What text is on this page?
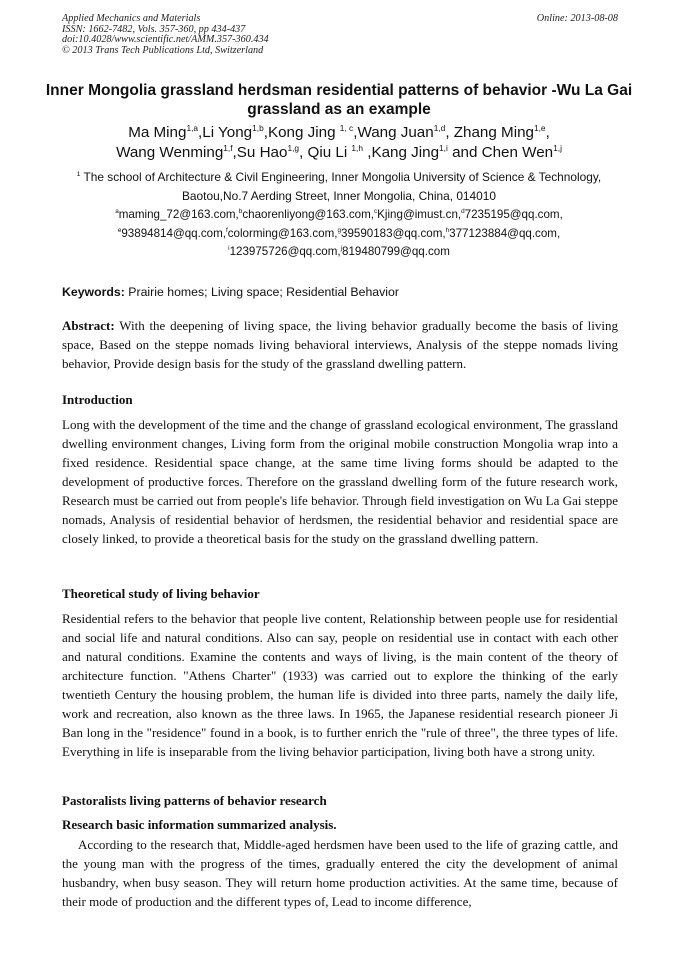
Applied Mechanics and Materials
ISSN: 1662-7482, Vols. 357-360, pp 434-437
doi:10.4028/www.scientific.net/AMM.357-360.434
© 2013 Trans Tech Publications Ltd, Switzerland
Online: 2013-08-08
Inner Mongolia grassland herdsman residential patterns of behavior -Wu La Gai grassland as an example
Ma Ming$^{1,a}$,Li Yong$^{1,b}$,Kong Jing $^{1, c}$,Wang Juan$^{1,d}$, Zhang Ming$^{1,e}$,
Wang Wenming$^{1,f}$,Su Hao$^{1,g}$, Qiu Li $^{1,h}$ ,Kang Jing$^{1,i}$ and Chen Wen$^{1,j}$
$^1$ The school of Architecture & Civil Engineering, Inner Mongolia University of Science & Technology,
Baotou,No.7 Aerding Street, Inner Mongolia, China, 014010
$^a$maming_72@163.com,$^b$chaorenliyong@163.com,$^c$Kjing@imust.cn,$^d$7235195@qq.com,
$^e$93894814@qq.com,$^f$colorming@163.com,$^g$39590183@qq.com,$^h$377123884@qq.com,
$^i$123975726@qq.com,$^j$819480799@qq.com
Keywords: Prairie homes; Living space; Residential Behavior
Abstract: With the deepening of living space, the living behavior gradually become the basis of living space, Based on the steppe nomads living behavioral interviews, Analysis of the steppe nomads living behavior, Provide design basis for the study of the grassland dwelling pattern.
Introduction
Long with the development of the time and the change of grassland ecological environment, The grassland dwelling environment changes, Living form from the original mobile construction Mongolia wrap into a fixed residence. Residential space change, at the same time living forms should be adapted to the development of productive forces. Therefore on the grassland dwelling form of the future research work, Research must be carried out from people's life behavior. Through field investigation on Wu La Gai steppe nomads, Analysis of residential behavior of herdsmen, the residential behavior and residential space are closely linked, to provide a theoretical basis for the study on the grassland dwelling pattern.
Theoretical study of living behavior
Residential refers to the behavior that people live content, Relationship between people use for residential and social life and natural conditions. Also can say, people on residential use in contact with each other and natural conditions. Examine the contents and ways of living, is the main content of the theory of architecture function. "Athens Charter" (1933) was carried out to explore the thinking of the early twentieth Century the housing problem, the human life is divided into three parts, namely the daily life, work and recreation, also known as the three laws. In 1965, the Japanese residential research pioneer Ji Ban long in the "residence" found in a book, is to further enrich the "rule of three", the three types of life. Everything in life is inseparable from the living behavior participation, living both have a strong unity.
Pastoralists living patterns of behavior research
Research basic information summarized analysis.
According to the research that, Middle-aged herdsmen have been used to the life of grazing cattle, and the young man with the progress of the times, gradually entered the city the development of animal husbandry, when busy season. They will return home production activities. At the same time, because of their mode of production and the different types of, Lead to income difference,
